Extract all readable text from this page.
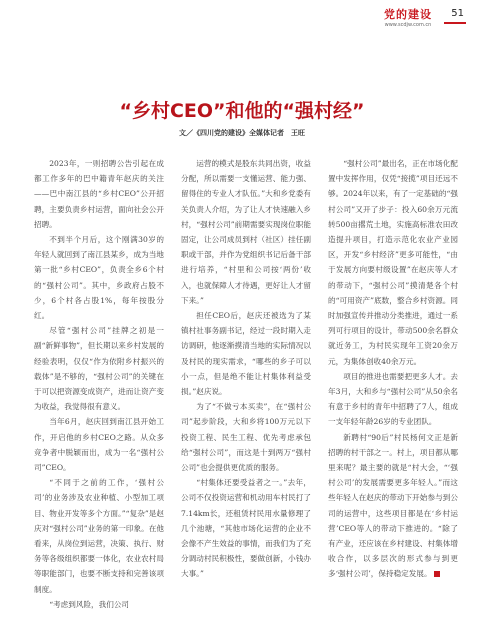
党的建设
www.scdjw.com.cn
51
“乡村CEO”和他的“强村经”
文／《四川党的建设》全媒体记者　王旺

2023年，一则招聘公告引起在成都工作多年的巴中籍青年赵庆的关注——巴中南江县的“乡村CEO”公开招聘，主要负责乡村运营，面向社会公开招聘。

不到半个月后，这个刚满30岁的年轻人就回到了南江县某乡，成为当地第一批“乡村CEO”，负责全乡6个村的“强村公司”。其中，乡政府占股不少，6个村各占股1%，每年按股分红。

尽管“强村公司”挂牌之初是一副“新鲜事物”，但长期以来乡村发展的经验表明，仅仅“作为依附乡村振兴的载体”是不够的，“强村公司”的关键在于可以把资源变成资产，进而让资产变为收益，我觉得很有意义。

当年6月，赵庆回到南江县开始工作，开启他的乡村CEO之路。从众多竞争者中脱颖而出，成为一名“强村公司”CEO。

“不同于之前的工作，‘强村公司’的业务涉及农业种植、小型加工项目、物业开发等多个方面。”“复杂”是赵庆对“强村公司”业务的第一印象。在他看来，从岗位到运营，决策、执行、财务等各级组织都要一体化，农业农村局等职能部门，也要不断支持和完善该项制度。

“考虑到风险，我们公司

运营的模式是股东共同出资，收益分配，所以需要一支懂运营、能力强、留得住的专业人才队伍。”大和乡党委有关负责人介绍，为了让人才快速融入乡村，“强村公司”前期需要实现岗位职能固定，让公司成员到村（社区）挂任副职或干部，并作为党组织书记后备干部进行培养，“村里和公司按‘两份’收入，也就保障人才待遇，更好让人才留下来。”

担任CEO后，赵庆还被选为了某镇村社事务副书记，经过一段时期入走访调研，他逐渐摸清当地的实际情况以及村民的现实需求，“哪些的乡子可以小一点，但是绝不能让村集体利益受损。”赵庆说。

为了“不做亏本买卖”，在“强村公司”起步阶段，大和乡将100万元以下投资工程、民生工程、优先考虑承包给“强村公司”，而这是十到两万“强村公司”也会提供更优质的服务。

“村集体还要受益者之一。”去年，公司不仅投资运营和机动用车村民打了7.14km长，还租赁村民用水量修理了几个池塘，“其他市场化运营的企业不会像不产生效益的事情，而我们为了充分调动村民积极性，要做创新，小钱办大事。”

“强村公司”最出名，正在市场化配置中发挥作用，仅凭“接揽”项目还远不够。2024年以来，有了一定基础的“强村公司”又开了步子：投入60余万元流转500亩撂荒土地，实施高标准农田改造提升项目，打造示范化农业产业园区，开发“乡村经济”更多可能性，“由于发展方向要村级设置”在赵庆等人才的带动下，“强村公司”摸清楚各个村的“可用资产”底数，整合乡村资源。同时加强宣传并推动分类推进，通过一系列可行项目的设计，带动500余名群众就近务工，为村民实现年工资20余万元，为集体创收40余万元。

项目的推进也需要把更多人才。去年3月，大和乡与“强村公司”从50余名有意于乡村的青年中招聘了7人，组成一支年轻年龄26岁的专业团队。

新聘村“90后”村民杨何文正是新招聘的村干部之一。村上，项目都从哪里来呢？最主要的就是“村大会，“‘强村公司’的发展需要更多年轻人。”而这些年轻人在赵庆的带动下开始参与到公司的运营中，这些项目都是在‘乡村运营’CEO等人的带动下推进的。“除了有产业，还应该在乡村建设、村集体增收合作，以多层次的形式参与到更多‘强村公司’，保持稳定发展。
